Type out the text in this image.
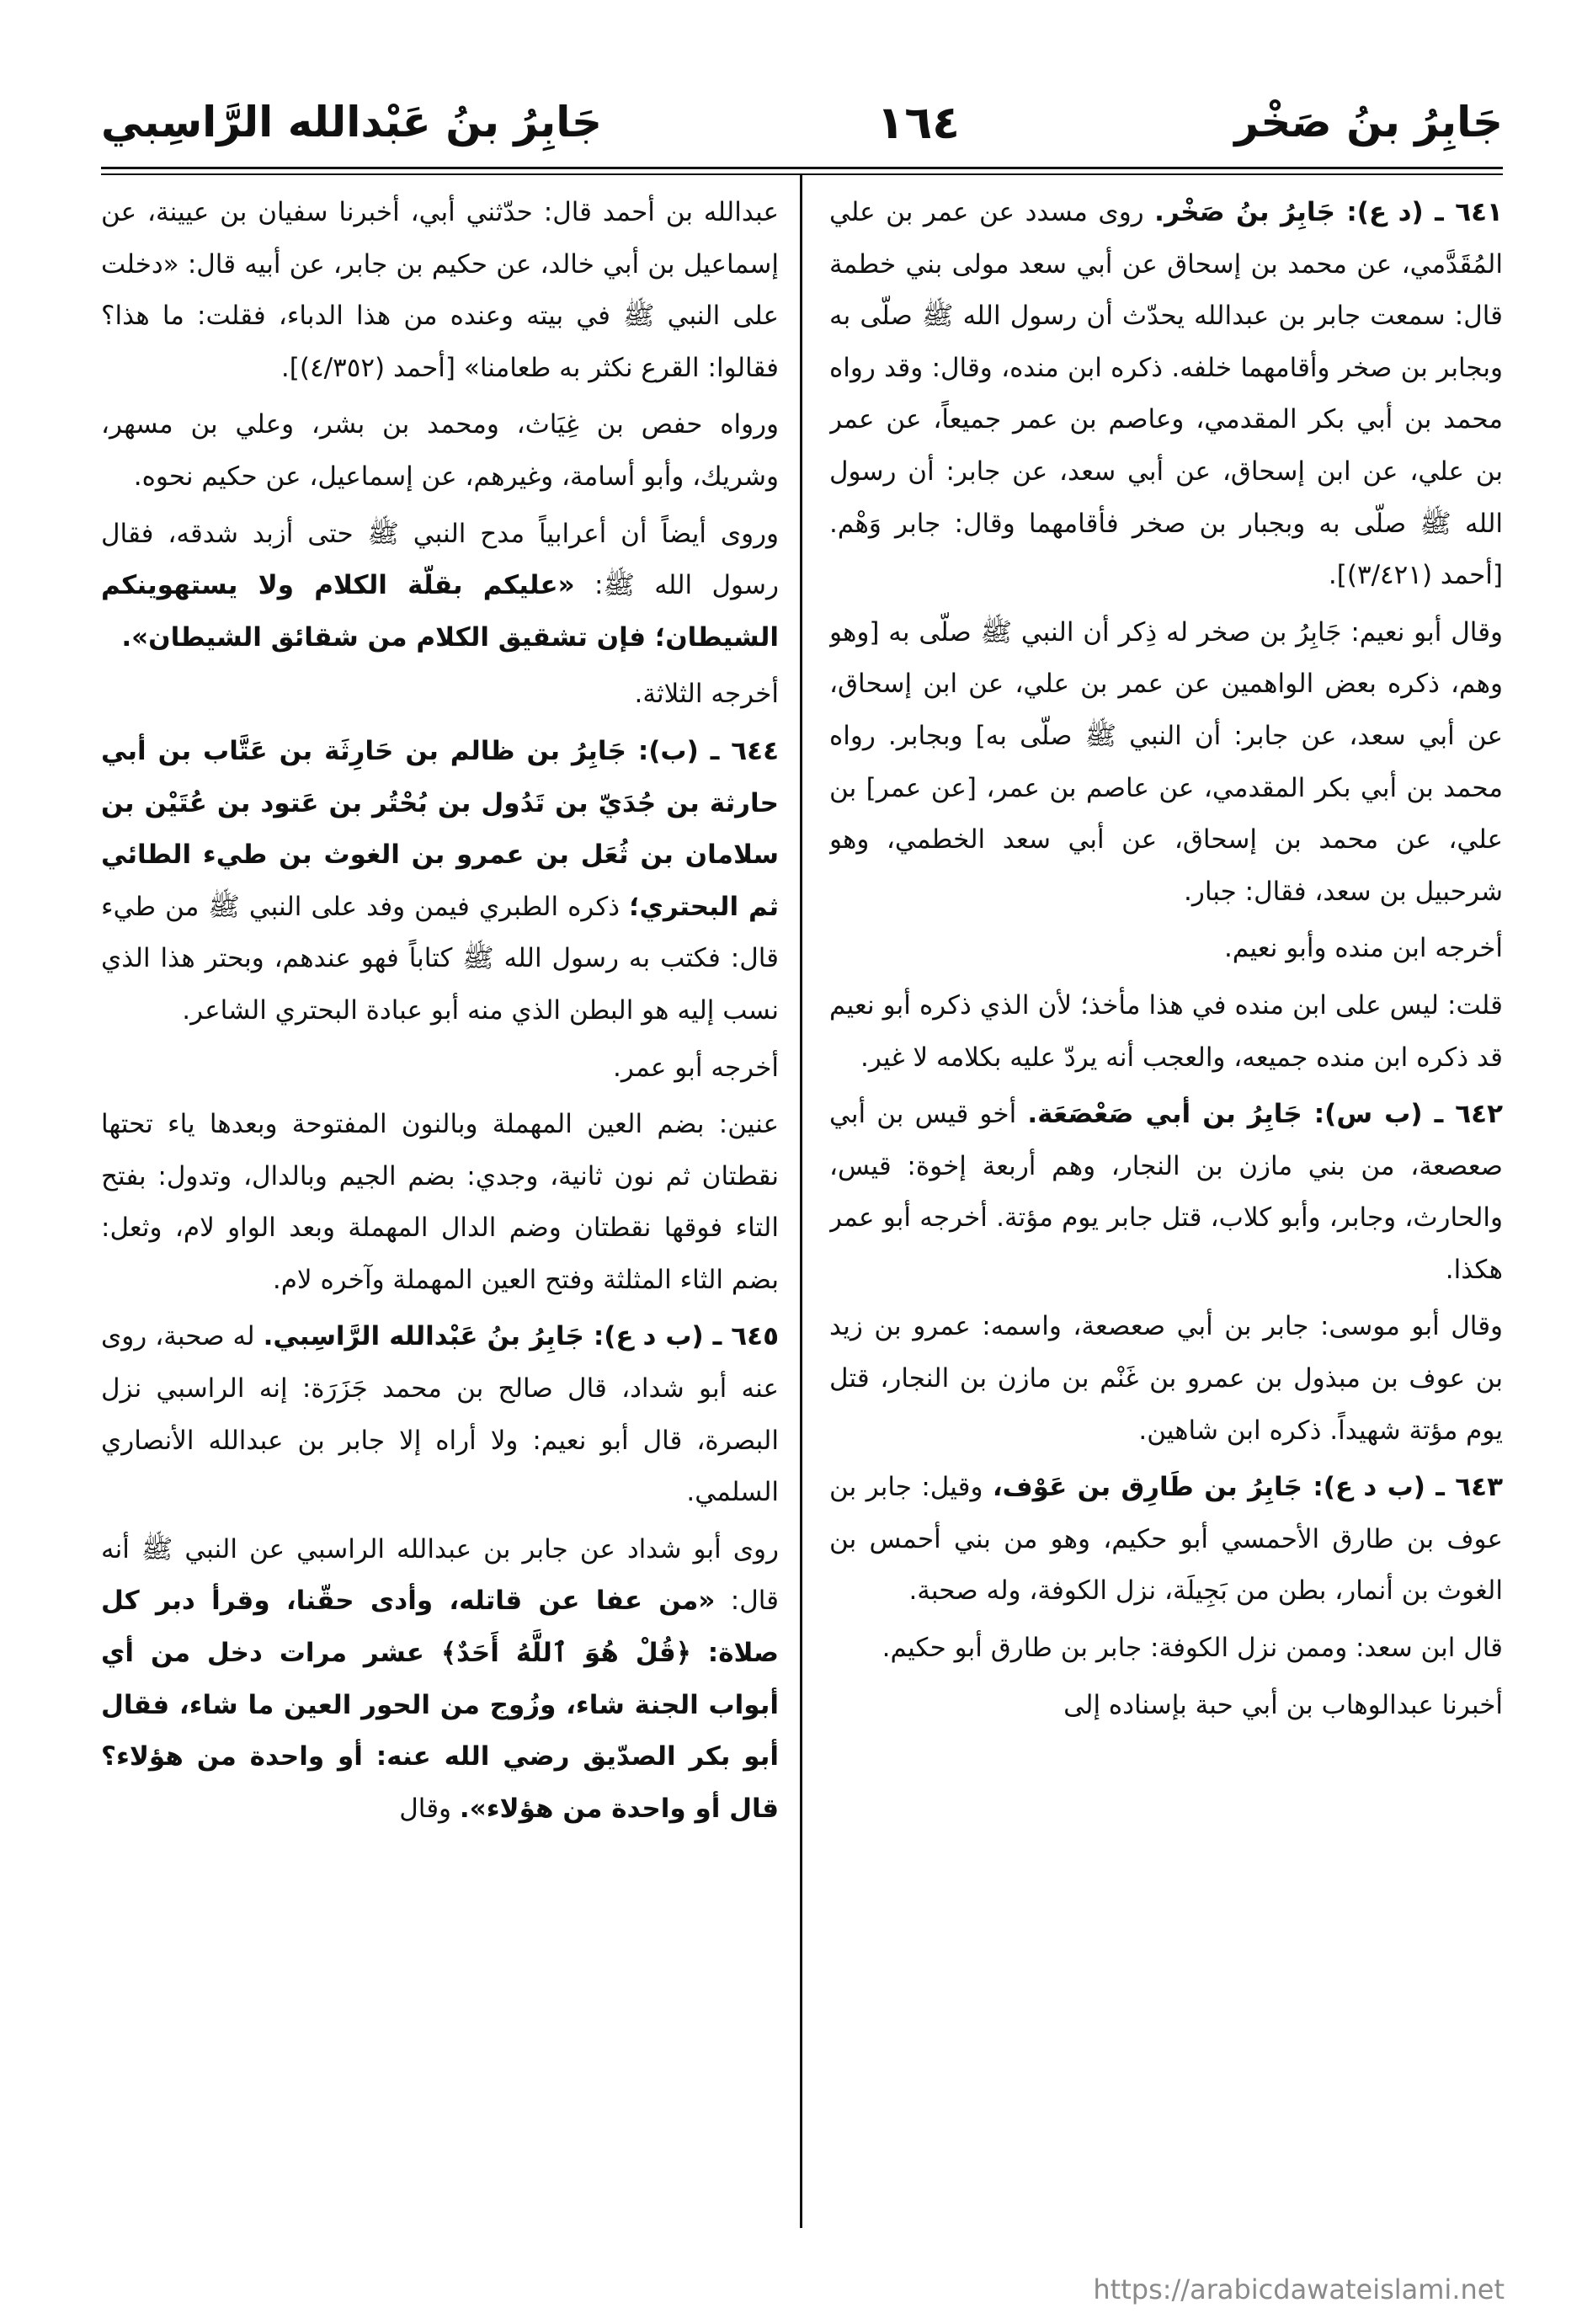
جَابِرُ بنُ صَخْر
١٦٤
جَابِرُ بنُ عَبْدالله الرَّاسِبي

٦٤١ ـ (د ع): جَابِرُ بنُ صَخْر. روى مسدد عن عمر بن علي المُقَدَّمي، عن محمد بن إسحاق عن أبي سعد مولى بني خطمة قال: سمعت جابر بن عبدالله يحدّث أن رسول الله ﷺ صلّى به وبجابر بن صخر وأقامهما خلفه. ذكره ابن منده، وقال: وقد رواه محمد بن أبي بكر المقدمي، وعاصم بن عمر جميعاً، عن عمر بن علي، عن ابن إسحاق، عن أبي سعد، عن جابر: أن رسول الله ﷺ صلّى به وبجبار بن صخر فأقامهما وقال: جابر وَهْم. [أحمد (٣/٤٢١)].

وقال أبو نعيم: جَابِرُ بن صخر له ذِكر أن النبي ﷺ صلّى به [وهو وهم، ذكره بعض الواهمين عن عمر بن علي، عن ابن إسحاق، عن أبي سعد، عن جابر: أن النبي ﷺ صلّى به] وبجابر. رواه محمد بن أبي بكر المقدمي، عن عاصم بن عمر، [عن عمر] بن علي، عن محمد بن إسحاق، عن أبي سعد الخطمي، وهو شرحبيل بن سعد، فقال: جبار.

أخرجه ابن منده وأبو نعيم.

قلت: ليس على ابن منده في هذا مأخذ؛ لأن الذي ذكره أبو نعيم قد ذكره ابن منده جميعه، والعجب أنه يردّ عليه بكلامه لا غير.

٦٤٢ ـ (ب س): جَابِرُ بن أبي صَعْصَعَة. أخو قيس بن أبي صعصعة، من بني مازن بن النجار، وهم أربعة إخوة: قيس، والحارث، وجابر، وأبو كلاب، قتل جابر يوم مؤتة. أخرجه أبو عمر هكذا.

وقال أبو موسى: جابر بن أبي صعصعة، واسمه: عمرو بن زيد بن عوف بن مبذول بن عمرو بن غَنْم بن مازن بن النجار، قتل يوم مؤتة شهيداً. ذكره ابن شاهين.

٦٤٣ ـ (ب د ع): جَابِرُ بن طَارِق بن عَوْف، وقيل: جابر بن عوف بن طارق الأحمسي أبو حكيم، وهو من بني أحمس بن الغوث بن أنمار، بطن من بَجِيلَة، نزل الكوفة، وله صحبة.

قال ابن سعد: وممن نزل الكوفة: جابر بن طارق أبو حكيم.

أخبرنا عبدالوهاب بن أبي حبة بإسناده إلى

عبدالله بن أحمد قال: حدّثني أبي، أخبرنا سفيان بن عيينة، عن إسماعيل بن أبي خالد، عن حكيم بن جابر، عن أبيه قال: «دخلت على النبي ﷺ في بيته وعنده من هذا الدباء، فقلت: ما هذا؟ فقالوا: القرع نكثر به طعامنا» [أحمد (٤/٣٥٢)].

ورواه حفص بن غِيَاث، ومحمد بن بشر، وعلي بن مسهر، وشريك، وأبو أسامة، وغيرهم، عن إسماعيل، عن حكيم نحوه.

وروى أيضاً أن أعرابياً مدح النبي ﷺ حتى أزبد شدقه، فقال رسول الله ﷺ: «عليكم بقلّة الكلام ولا يستهوينكم الشيطان؛ فإن تشقيق الكلام من شقائق الشيطان».

أخرجه الثلاثة.

٦٤٤ ـ (ب): جَابِرُ بن ظالم بن حَارِثَة بن عَتَّاب بن أبي حارثة بن جُدَيّ بن تَدُول بن بُحْتُر بن عَتود بن عُتَيْن بن سلامان بن ثُعَل بن عمرو بن الغوث بن طيء الطائي ثم البحتري؛ ذكره الطبري فيمن وفد على النبي ﷺ من طيء قال: فكتب به رسول الله ﷺ كتاباً فهو عندهم، وبحتر هذا الذي نسب إليه هو البطن الذي منه أبو عبادة البحتري الشاعر.

أخرجه أبو عمر.

عنين: بضم العين المهملة وبالنون المفتوحة وبعدها ياء تحتها نقطتان ثم نون ثانية، وجدي: بضم الجيم وبالدال، وتدول: بفتح التاء فوقها نقطتان وضم الدال المهملة وبعد الواو لام، وثعل: بضم الثاء المثلثة وفتح العين المهملة وآخره لام.

٦٤٥ ـ (ب د ع): جَابِرُ بنُ عَبْدالله الرَّاسِبي. له صحبة، روى عنه أبو شداد، قال صالح بن محمد جَزَرَة: إنه الراسبي نزل البصرة، قال أبو نعيم: ولا أراه إلا جابر بن عبدالله الأنصاري السلمي.

روى أبو شداد عن جابر بن عبدالله الراسبي عن النبي ﷺ أنه قال: «من عفا عن قاتله، وأدى حقّنا، وقرأ دبر كل صلاة: ﴿قُلْ هُوَ ٱللَّهُ أَحَدٌ﴾ عشر مرات دخل من أي أبواب الجنة شاء، وزُوج من الحور العين ما شاء، فقال أبو بكر الصدّيق رضي الله عنه: أو واحدة من هؤلاء؟ قال أو واحدة من هؤلاء». وقال

https://arabicdawateislami.net
